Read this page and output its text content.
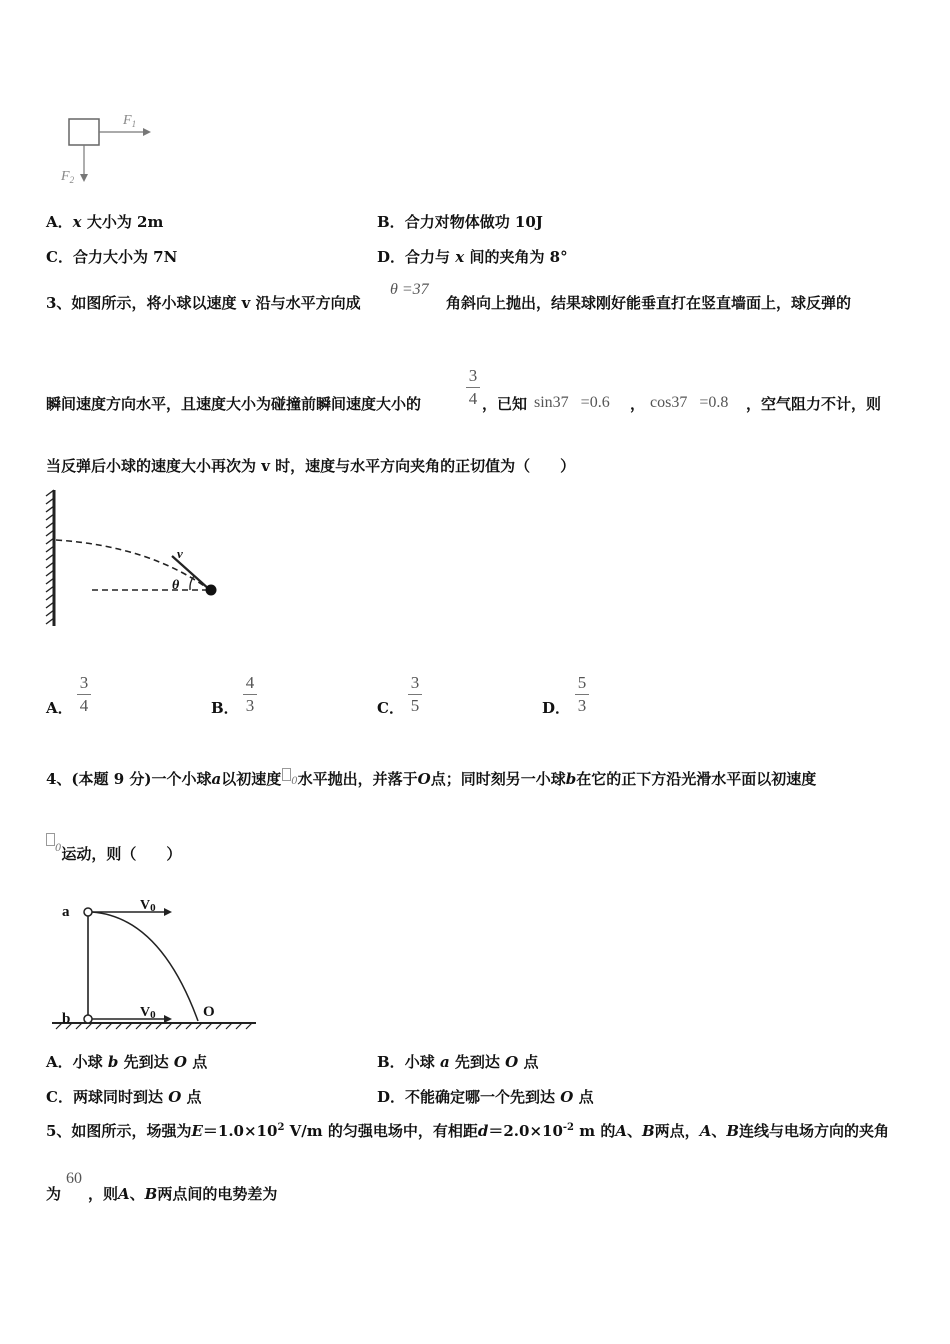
$F_1$
$F_2$
A．x 大小为 2m	B．合力对物体做功 10J
C．合力大小为 7N	D．合力与 x 间的夹角为 8°
3、如图所示，将小球以速度 v 沿与水平方向成
θ =37
角斜向上抛出，结果球刚好能垂直打在竖直墙面上，球反弹的
瞬间速度方向水平，且速度大小为碰撞前瞬间速度大小的
3
4 ，已知 sin37 =0.6 ， cos37 =0.8 ，空气阻力不计，则
当反弹后小球的速度大小再次为 v 时，速度与水平方向夹角的正切值为（　　）
v
θ
A．
3
4	B．
4
3	C．
3
5	D．
5
3
4、(本题 9 分)一个小球a以初速度 0水平抛出，并落于O点；同时刻另一小球b在它的正下方沿光滑水平面以初速度
$^0$运动，则（　　）
a
b	O
V0
V0
A．小球 b 先到达 O 点	B．小球 a 先到达 O 点
C．两球同时到达 O 点	D．不能确定哪一个先到达 O 点
5、如图所示，场强为$E=1.0\times 10^2$ V/m 的匀强电场中，有相距$d=2.0\times 10^{-2}$ m 的A、B两点，A、B连线与电场方向的夹角
为
60
，则A、B两点间的电势差为
